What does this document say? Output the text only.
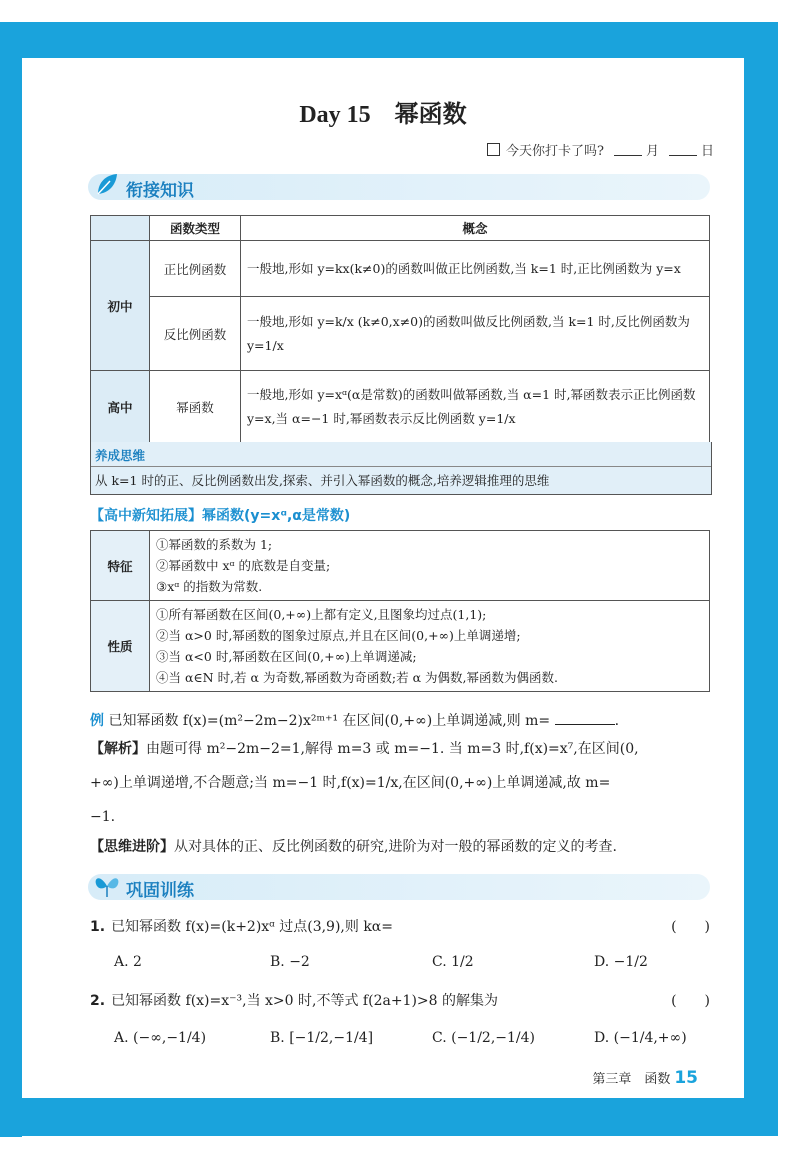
Day 15　幂函数
今天你打卡了吗?	月	日
衔接知识
	函数类型	概念
初中	正比例函数	一般地,形如 y=kx(k≠0)的函数叫做正比例函数,当 k=1 时,正比例函数为 y=x
	反比例函数	一般地,形如 y=k/x (k≠0,x≠0)的函数叫做反比例函数,当 k=1 时,反比例函数为 y=1/x
高中	幂函数	一般地,形如 y=xᵅ(α是常数)的函数叫做幂函数,当 α=1 时,幂函数表示正比例函数 y=x,当 α=−1 时,幂函数表示反比例函数 y=1/x
养成思维
从 k=1 时的正、反比例函数出发,探索、并引入幂函数的概念,培养逻辑推理的思维
【高中新知拓展】幂函数(y=xᵅ,α是常数)
特征	①幂函数的系数为 1;
②幂函数中 xᵅ 的底数是自变量;
③xᵅ 的指数为常数.

性质	①所有幂函数在区间(0,+∞)上都有定义,且图象均过点(1,1);
②当 α>0 时,幂函数的图象过原点,并且在区间(0,+∞)上单调递增;
③当 α<0 时,幂函数在区间(0,+∞)上单调递减;
④当 α∈N 时,若 α 为奇数,幂函数为奇函数;若 α 为偶数,幂函数为偶函数.
例 已知幂函数 f(x)=(m²−2m−2)x²ᵐ⁺¹ 在区间(0,+∞)上单调递减,则 m=	.
【解析】由题可得 m²−2m−2=1,解得 m=3 或 m=−1. 当 m=3 时,f(x)=x⁷,在区间(0,
+∞)上单调递增,不合题意;当 m=−1 时,f(x)=1/x,在区间(0,+∞)上单调递减,故 m=
−1.
【思维进阶】从对具体的正、反比例函数的研究,进阶为对一般的幂函数的定义的考查.
巩固训练
1. 已知幂函数 f(x)=(k+2)xᵅ 过点(3,9),则 kα=	(　　)
A. 2	B. −2	C. 1/2	D. −1/2
2. 已知幂函数 f(x)=x⁻³,当 x>0 时,不等式 f(2a+1)>8 的解集为	(　　)
A. (−∞,−1/4)	B. [−1/2,−1/4]	C. (−1/2,−1/4)	D. (−1/4,+∞)
第三章　函数 15
